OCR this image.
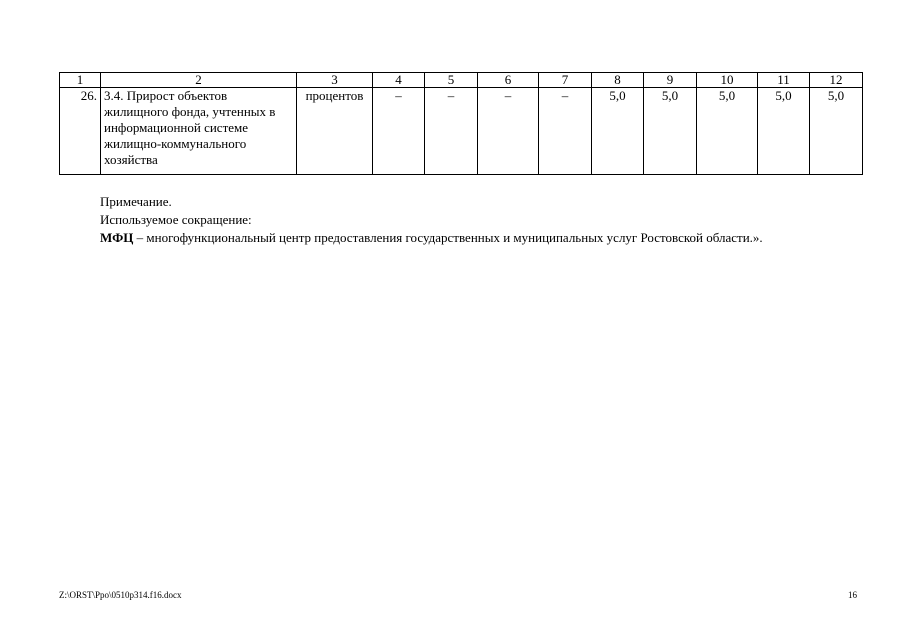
1	2	3	4	5	6	7	8	9	10	11	12
26.	3.4. Прирост объектов жилищного фонда, учтенных в информационной системе жилищно-коммунального хозяйства	процентов	–	–	–	–	5,0	5,0	5,0	5,0	5,0
Примечание.
Используемое сокращение:
МФЦ – многофункциональный центр предоставления государственных и муниципальных услуг Ростовской области.».
Z:\ORST\Ppo\0510p314.f16.docx	16
